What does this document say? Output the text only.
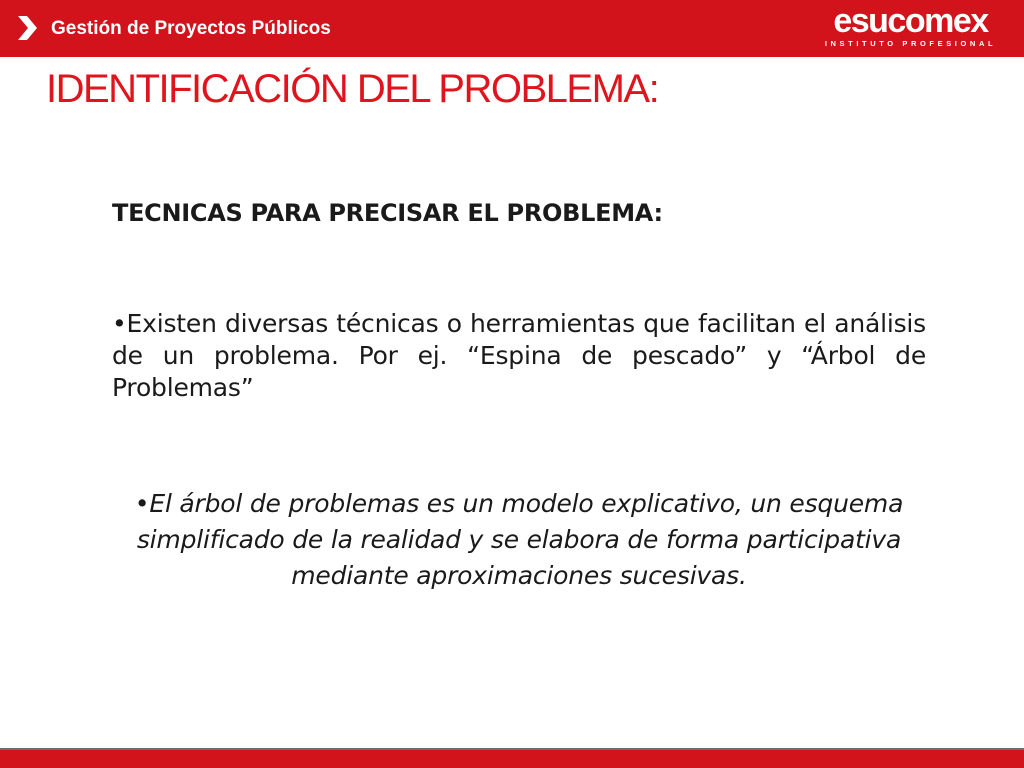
Gestión de Proyectos Públicos	esucomex
INSTITUTO PROFESIONAL
IDENTIFICACIÓN DEL PROBLEMA:

TECNICAS PARA PRECISAR EL PROBLEMA:

•Existen diversas técnicas o herramientas que facilitan el análisis de un problema. Por ej. “Espina de pescado” y “Árbol de Problemas”

•El árbol de problemas es un modelo explicativo, un esquema simplificado de la realidad y se elabora de forma participativa mediante aproximaciones sucesivas.
